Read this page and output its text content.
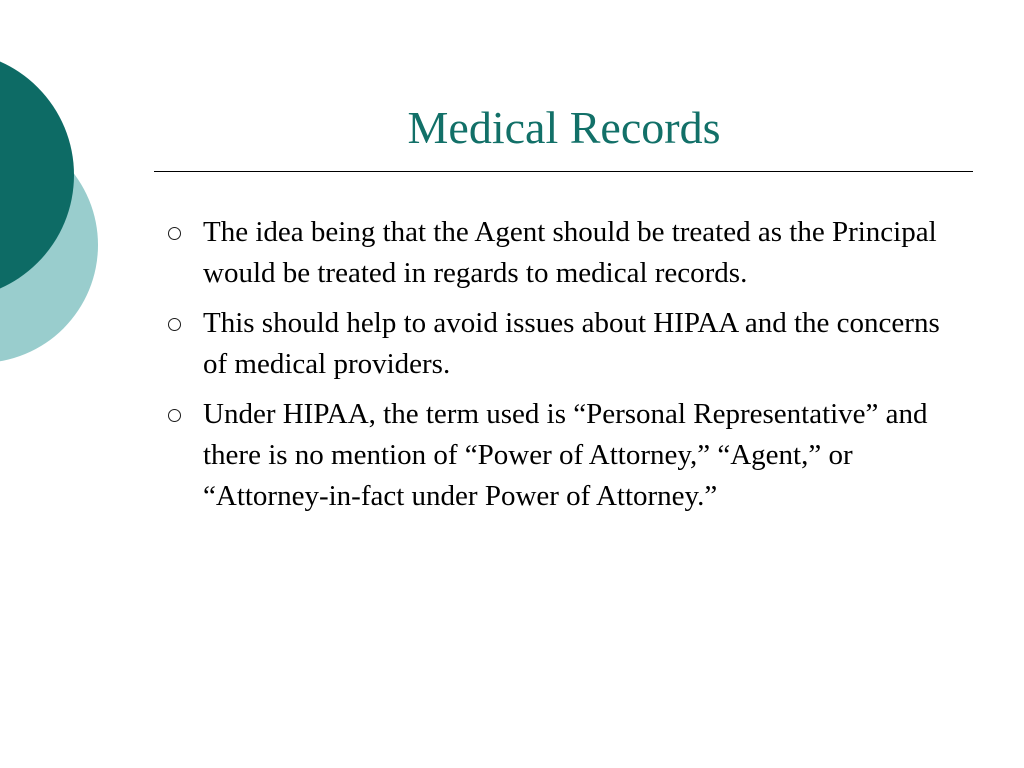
Medical Records
The idea being that the Agent should be treated as the Principal would be treated in regards to medical records.
This should help to avoid issues about HIPAA and the concerns of medical providers.
Under HIPAA, the term used is “Personal Representative” and there is no mention of “Power of Attorney,” “Agent,” or “Attorney-in-fact under Power of Attorney.”
